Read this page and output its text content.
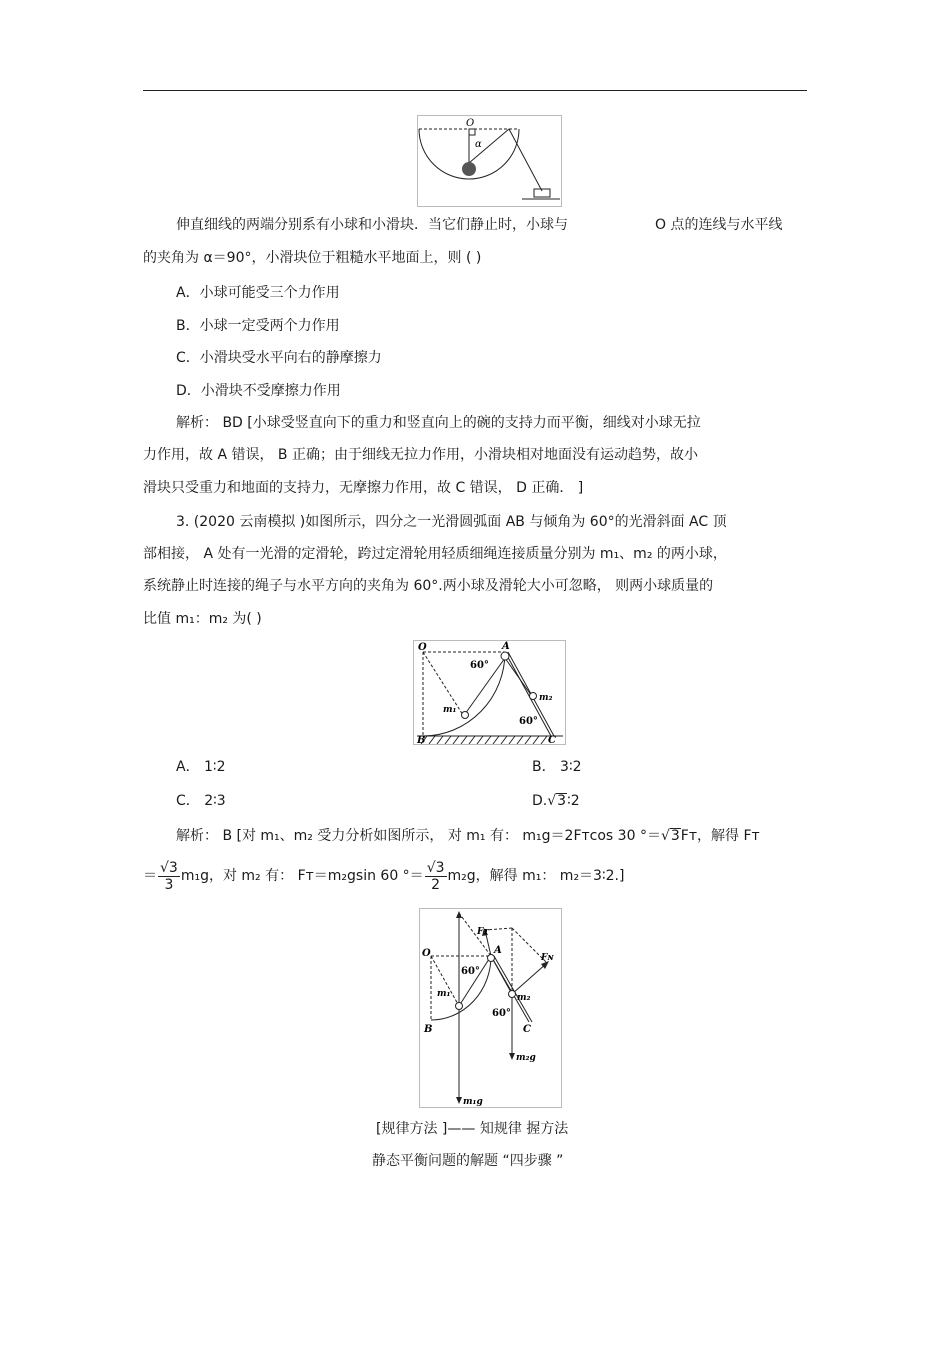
O
α
伸直细线的两端分别系有小球和小滑块．当它们静止时，小球与	O 点的连线与水平线
的夹角为 α＝90°，小滑块位于粗糙水平地面上，则 ( )
A．小球可能受三个力作用
B．小球一定受两个力作用
C．小滑块受水平向右的静摩擦力
D．小滑块不受摩擦力作用
解析： BD [小球受竖直向下的重力和竖直向上的碗的支持力而平衡，细线对小球无拉
力作用，故 A 错误， B 正确；由于细线无拉力作用，小滑块相对地面没有运动趋势，故小
滑块只受重力和地面的支持力，无摩擦力作用，故 C 错误， D 正确． ]
3. (2020 云南模拟 )如图所示，四分之一光滑圆弧面 AB 与倾角为 60°的光滑斜面 AC 顶
部相接， A 处有一光滑的定滑轮，跨过定滑轮用轻质细绳连接质量分别为 m₁、m₂ 的两小球，
系统静止时连接的绳子与水平方向的夹角为 60°.两小球及滑轮大小可忽略， 则两小球质量的
比值 m₁：m₂ 为( )
O	A
B	C
60°
60°
m₁
m₂
A． 1∶2	B． 3∶2
C． 2∶3	D.√3∶2
解析： B [对 m₁、m₂ 受力分析如图所示， 对 m₁ 有： m₁g＝2Fᴛcos 30 °＝√3Fᴛ，解得 Fᴛ
＝ $\frac{√3}{3} m_1g$，对 m₂ 有： Fᴛ＝m₂gsin 60 °＝ $\frac{√3}{2} m_2g$，解得 m₁： m₂＝3∶2.]
O	A
B	C
Fᴛ
Fɴ
60°
60°
m₁	m₂
m₁g
m₂g
[规律方法 ]—— 知规律 握方法
静态平衡问题的解题 “四步骤 ”
